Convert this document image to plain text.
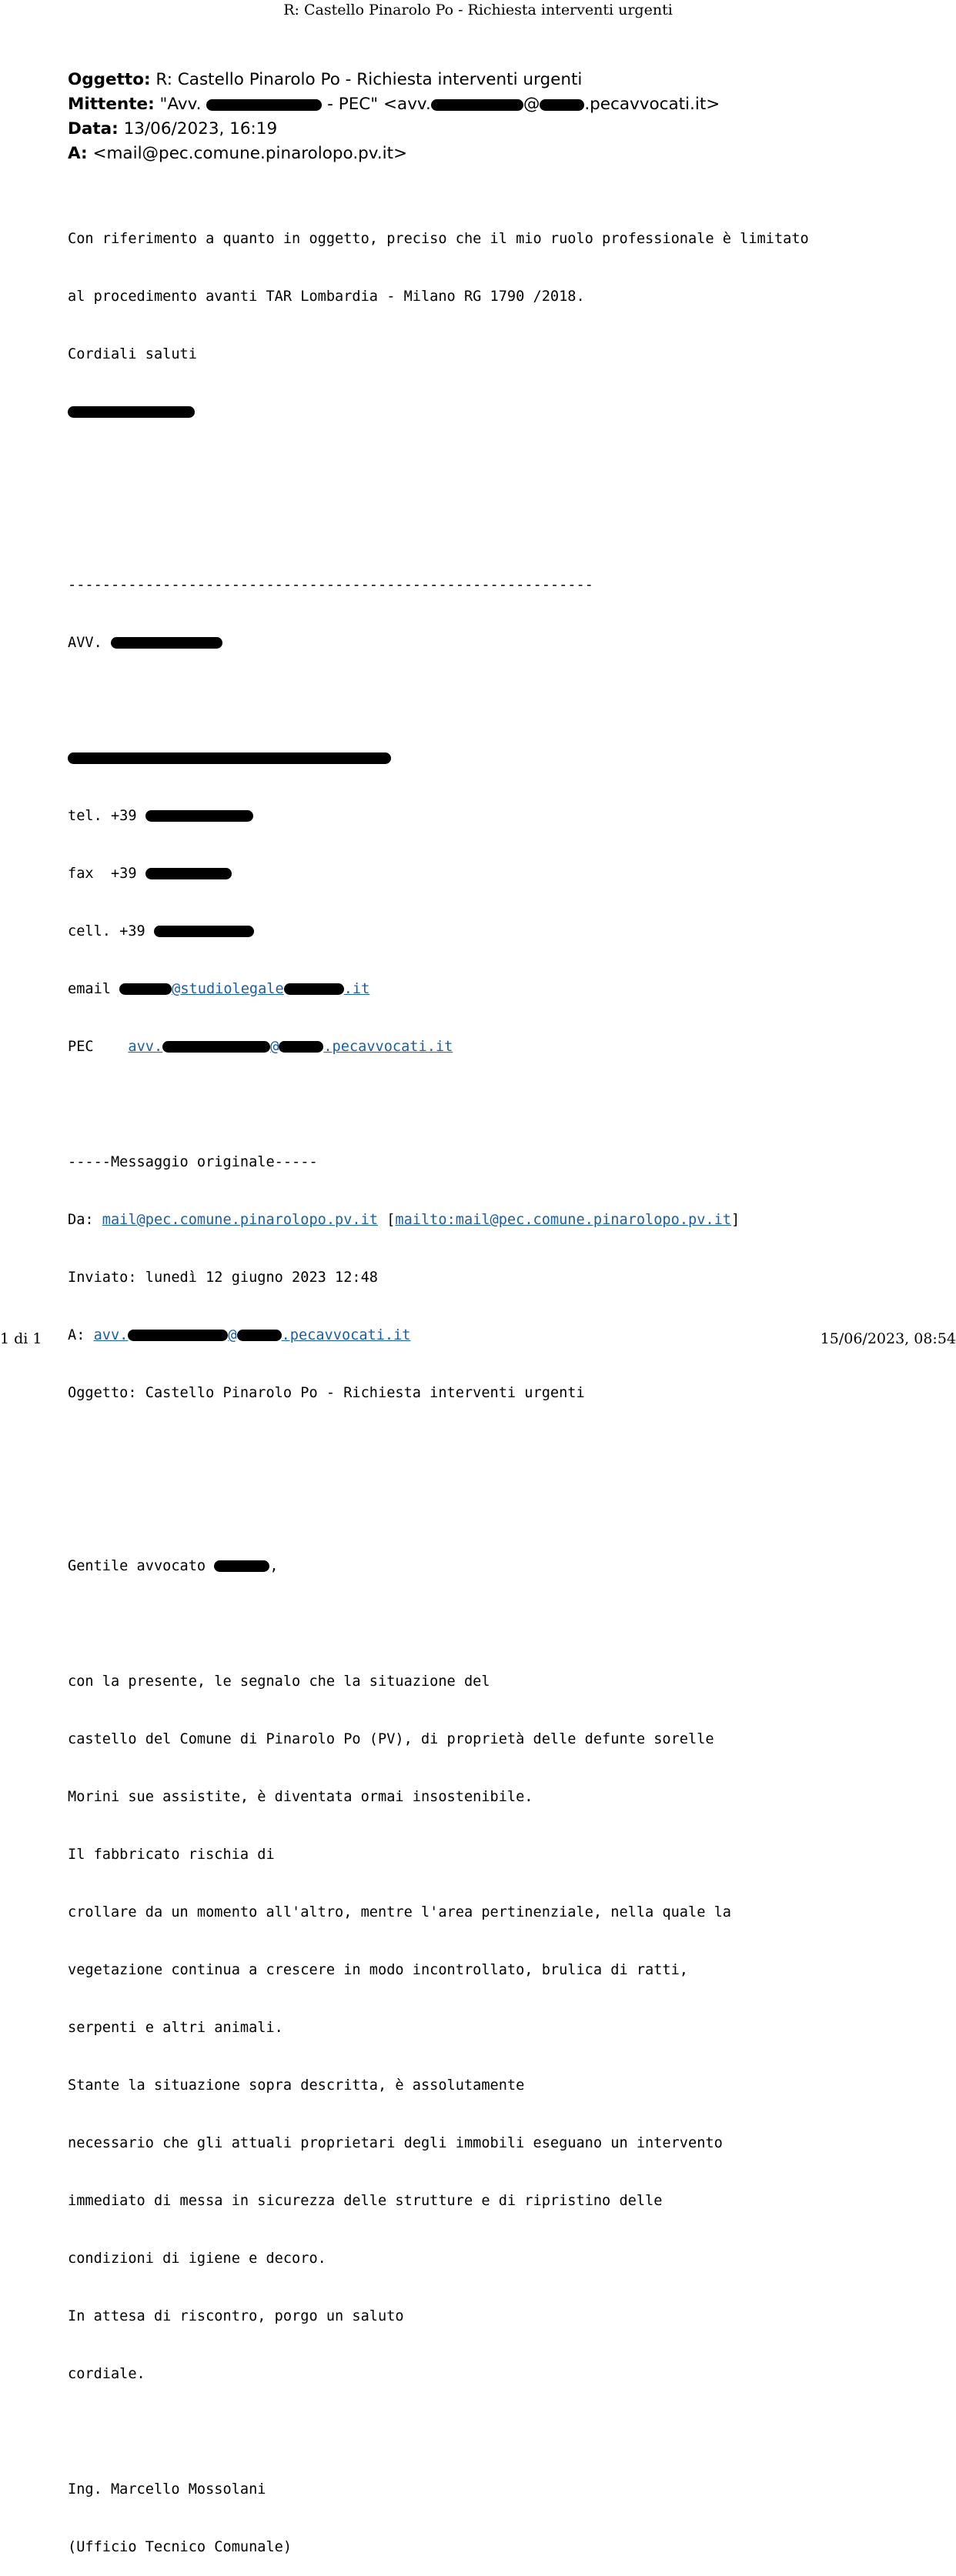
R: Castello Pinarolo Po - Richiesta interventi urgenti
Oggetto: R: Castello Pinarolo Po - Richiesta interventi urgenti
Mittente: "Avv.	- PEC" <avv.	@	.pecavvocati.it>
Data: 13/06/2023, 16:19
A: <mail@pec.comune.pinarolopo.pv.it>

Con riferimento a quanto in oggetto, preciso che il mio ruolo professionale è limitato

al procedimento avanti TAR Lombardia - Milano RG 1790 /2018.

Cordiali saluti

-------------------------------------------------------------

AVV.

tel. +39

fax  +39

cell. +39

email	@studiolegale	.it

PEC    avv.	@	.pecavvocati.it

-----Messaggio originale-----

Da: mail@pec.comune.pinarolopo.pv.it [mailto:mail@pec.comune.pinarolopo.pv.it]

Inviato: lunedì 12 giugno 2023 12:48

A: avv.	@	.pecavvocati.it

Oggetto: Castello Pinarolo Po - Richiesta interventi urgenti

Gentile avvocato	,

con la presente, le segnalo che la situazione del

castello del Comune di Pinarolo Po (PV), di proprietà delle defunte sorelle

Morini sue assistite, è diventata ormai insostenibile.

Il fabbricato rischia di

crollare da un momento all'altro, mentre l'area pertinenziale, nella quale la

vegetazione continua a crescere in modo incontrollato, brulica di ratti,

serpenti e altri animali.

Stante la situazione sopra descritta, è assolutamente

necessario che gli attuali proprietari degli immobili eseguano un intervento

immediato di messa in sicurezza delle strutture e di ripristino delle

condizioni di igiene e decoro.

In attesa di riscontro, porgo un saluto

cordiale.

Ing. Marcello Mossolani

(Ufficio Tecnico Comunale)

1 di 1	15/06/2023, 08:54
